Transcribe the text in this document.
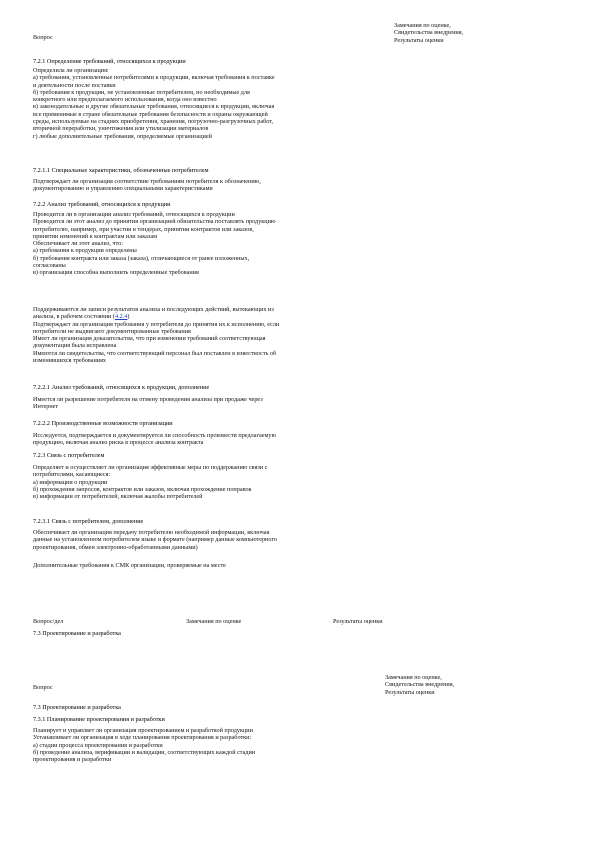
Вопрос
Замечания по оценке,
Свидетельства внедрения,
Результаты оценки
7.2.1 Определение требований, относящихся к продукции
Определила ли организация:
а) требования, установленные потребителями к продукции, включая требования к поставке
и деятельности после поставки
б) требования к продукции, не установленные потребителем, но необходимые для
конкретного или предполагаемого использования, когда оно известно
в) законодательные и другие обязательные требования, относящиеся к продукции, включая
все применимые в стране обязательные требования безопасности и охраны окружающей
среды, используемые на стадиях приобретения, хранения, погрузочно-разгрузочных работ,
вторичной переработки, уничтожения или утилизации материалов
г) любые дополнительные требования, определяемые организацией
7.2.1.1 Специальные характеристики, обозначенные потребителем
Подтверждает ли организация соответствие требованиям потребителя к обозначению,
документированию и управлению специальными характеристиками
7.2.2 Анализ требований, относящихся к продукции
Проводится ли в организации анализ требований, относящихся к продукции
Проводится ли этот анализ до принятия организацией обязательства поставлять продукцию
потребителю, например, при участии в тендерах, принятии контрактов или заказов,
принятии изменений к контрактам или заказам
Обеспечивает ли этот анализ, что:
а) требования к продукции определены
б) требования контракта или заказа (заказа), отличающиеся от ранее изложенных,
согласованы
в) организация способна выполнить определенные требования
Поддерживаются ли записи результатов анализа и последующих действий, вытекающих из
анализа, в рабочем состоянии (4.2.4)
Подтверждает ли организация требования у потребителя до принятия их к исполнению, если
потребители не выдвигают документированные требования
Имеет ли организация доказательства, что при изменении требований соответствующая
документация была исправлена
Имеются ли свидетельства, что соответствующий персонал был поставлен в известность об
изменившихся требованиях
7.2.2.1 Анализ требований, относящихся к продукции, дополнение
Имеется ли разрешение потребителя на отмену проведения анализа при продаже через
Интернет
7.2.2.2 Производственные возможности организации
Исследуется, подтверждается и документируется ли способность произвести предлагаемую
продукцию, включая анализ риска в процессе анализа контракта
7.2.3 Связь с потребителем
Определяет и осуществляет ли организация эффективные меры по поддержанию связи с
потребителями, касающиеся:
а) информации о продукции
б) прохождения запросов, контрактов или заказов, включая прохождение поправок
в) информации от потребителей, включая жалобы потребителей
7.2.3.1 Связь с потребителем, дополнение
Обеспечивает ли организация передачу потребителю необходимой информации, включая
данные на установленном потребителем языке и формате (например данные компьютерного
проектирования, обмен электронно-обработанными данными)
Дополнительные требования к СМК организации, проверяемые на месте
Вопрос/дел	Замечания по оценке	Результаты оценки
7.3 Проектирование и разработка
Вопрос
Замечания по оценке,
Свидетельства внедрения,
Результаты оценки
7.3 Проектирование и разработка
7.3.1 Планирование проектирования и разработки
Планирует и управляет ли организация проектированием и разработкой продукции
Устанавливает ли организация в ходе планирования проектирования и разработки:
а) стадии процесса проектирования и разработки
б) проведение анализа, верификации и валидации, соответствующих каждой стадии
проектирования и разработки
